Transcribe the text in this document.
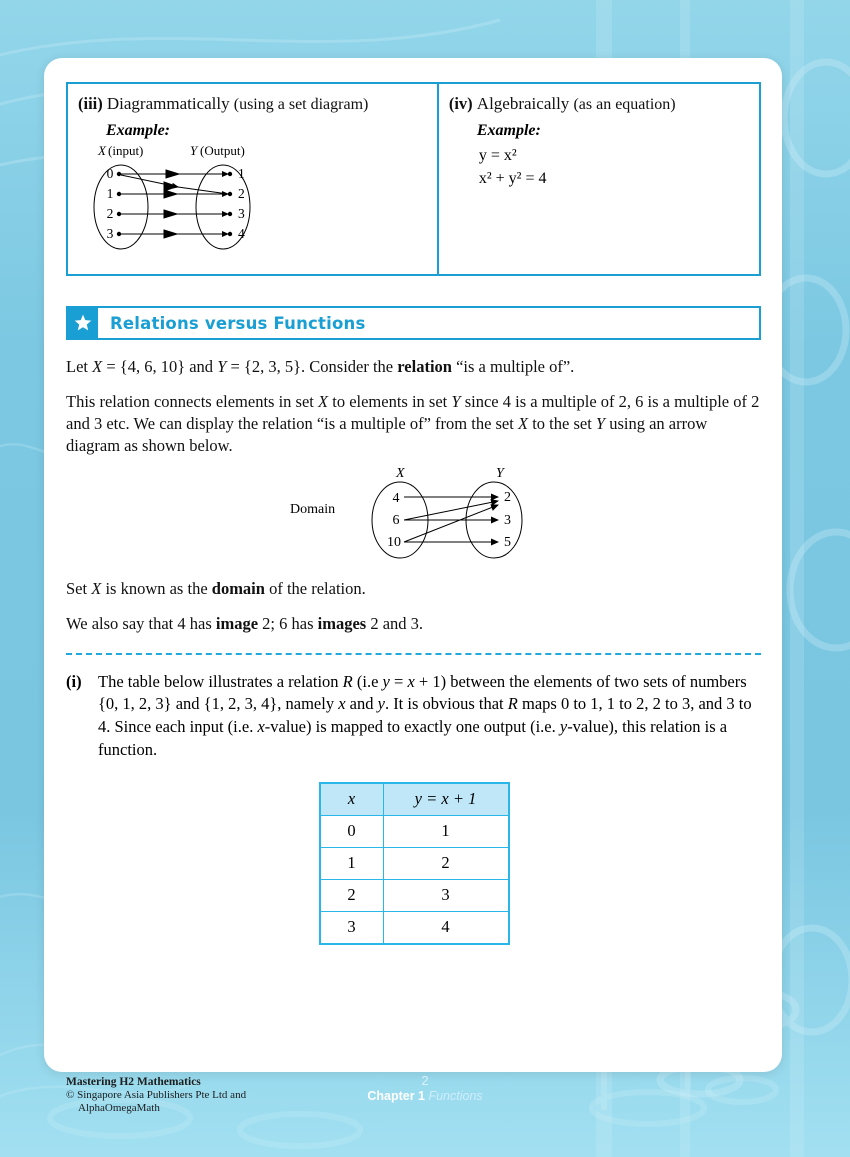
(iii) Diagrammatically (using a set diagram)
Example:
X (input)	Y (Output)
0
1
2
3
1
2
3
4
(iv) Algebraically (as an equation)
Example:
y = x²
x² + y² = 4
Relations versus Functions

Let X = {4, 6, 10} and Y = {2, 3, 5}. Consider the relation “is a multiple of”.

This relation connects elements in set X to elements in set Y since 4 is a multiple of 2, 6 is a multiple of 2 and 3 etc. We can display the relation “is a multiple of” from the set X to the set Y using an arrow diagram as shown below.

Domain
X	Y
4
6
10
2
3
5

Set X is known as the domain of the relation.

We also say that 4 has image 2; 6 has images 2 and 3.

(i) The table below illustrates a relation R (i.e y = x + 1) between the elements of two sets of numbers {0, 1, 2, 3} and {1, 2, 3, 4}, namely x and y. It is obvious that R maps 0 to 1, 1 to 2, 2 to 3, and 3 to 4. Since each input (i.e. x-value) is mapped to exactly one output (i.e. y-value), this relation is a function.
x	y = x + 1
0	1
1	2
2	3
3	4
Mastering H2 Mathematics
© Singapore Asia Publishers Pte Ltd and
AlphaOmegaMath
2
Chapter 1 Functions
